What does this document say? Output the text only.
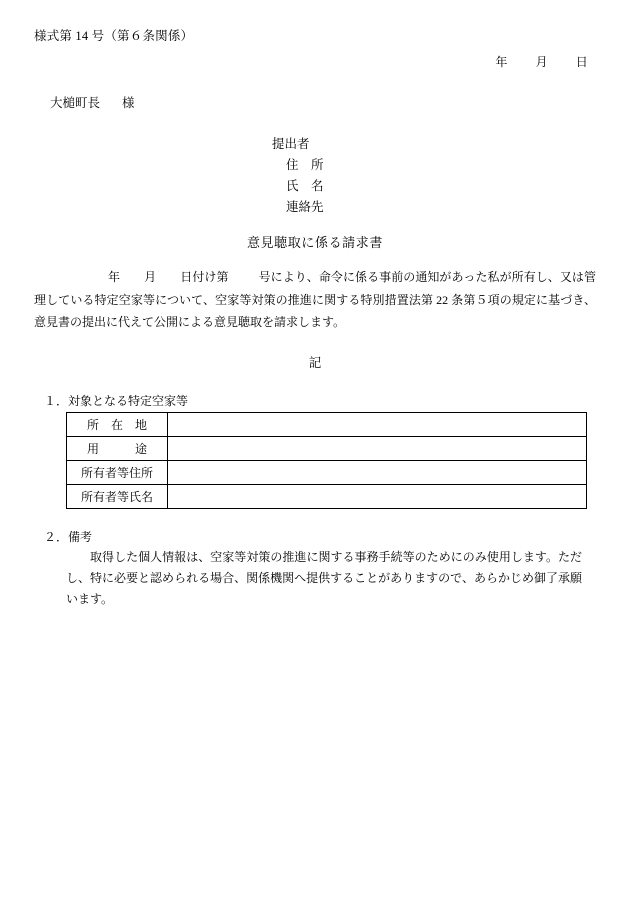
様式第 14 号（第６条関係）
年 月 日
大槌町長 様
提出者
住　所
氏　名
連絡先
意見聴取に係る請求書
年 月 日付け第	号により、命令に係る事前の通知があった私が所有し、又は管理している特定空家等について、空家等対策の推進に関する特別措置法第 22 条第５項の規定に基づき、意見書の提出に代えて公開による意見聴取を請求します。
記
１．対象となる特定空家等
所　在　地	
用　　　途	
所有者等住所	
所有者等氏名	
２．備考
取得した個人情報は、空家等対策の推進に関する事務手続等のためにのみ使用します。ただし、特に必要と認められる場合、関係機関へ提供することがありますので、あらかじめ御了承願います。
